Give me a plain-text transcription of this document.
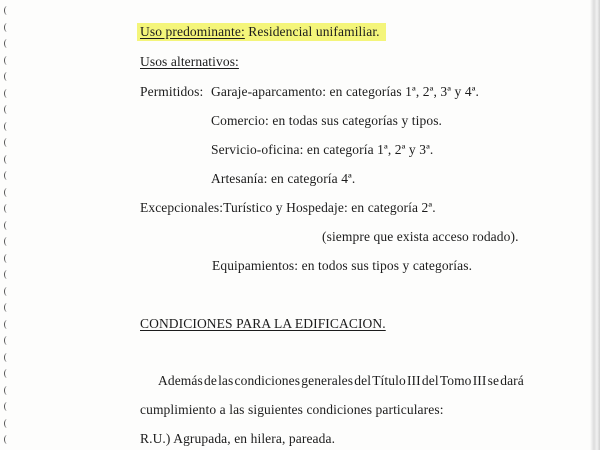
Uso predominante: Residencial unifamiliar.
Usos alternativos:
Permitidos: Garaje-aparcamento: en categorías 1ª, 2ª, 3ª y 4ª.
Comercio: en todas sus categorías y tipos.
Servicio-oficina: en categoría 1ª, 2ª y 3ª.
Artesanía: en categoría 4ª.
Excepcionales:Turístico y Hospedaje: en categoría 2ª.
(siempre que exista acceso rodado).
Equipamientos: en todos sus tipos y categorías.
CONDICIONES PARA LA EDIFICACION.
Además de las condiciones generales del Título III del Tomo III se dará
cumplimiento a las siguientes condiciones particulares:
R.U.) Agrupada, en hilera, pareada.
